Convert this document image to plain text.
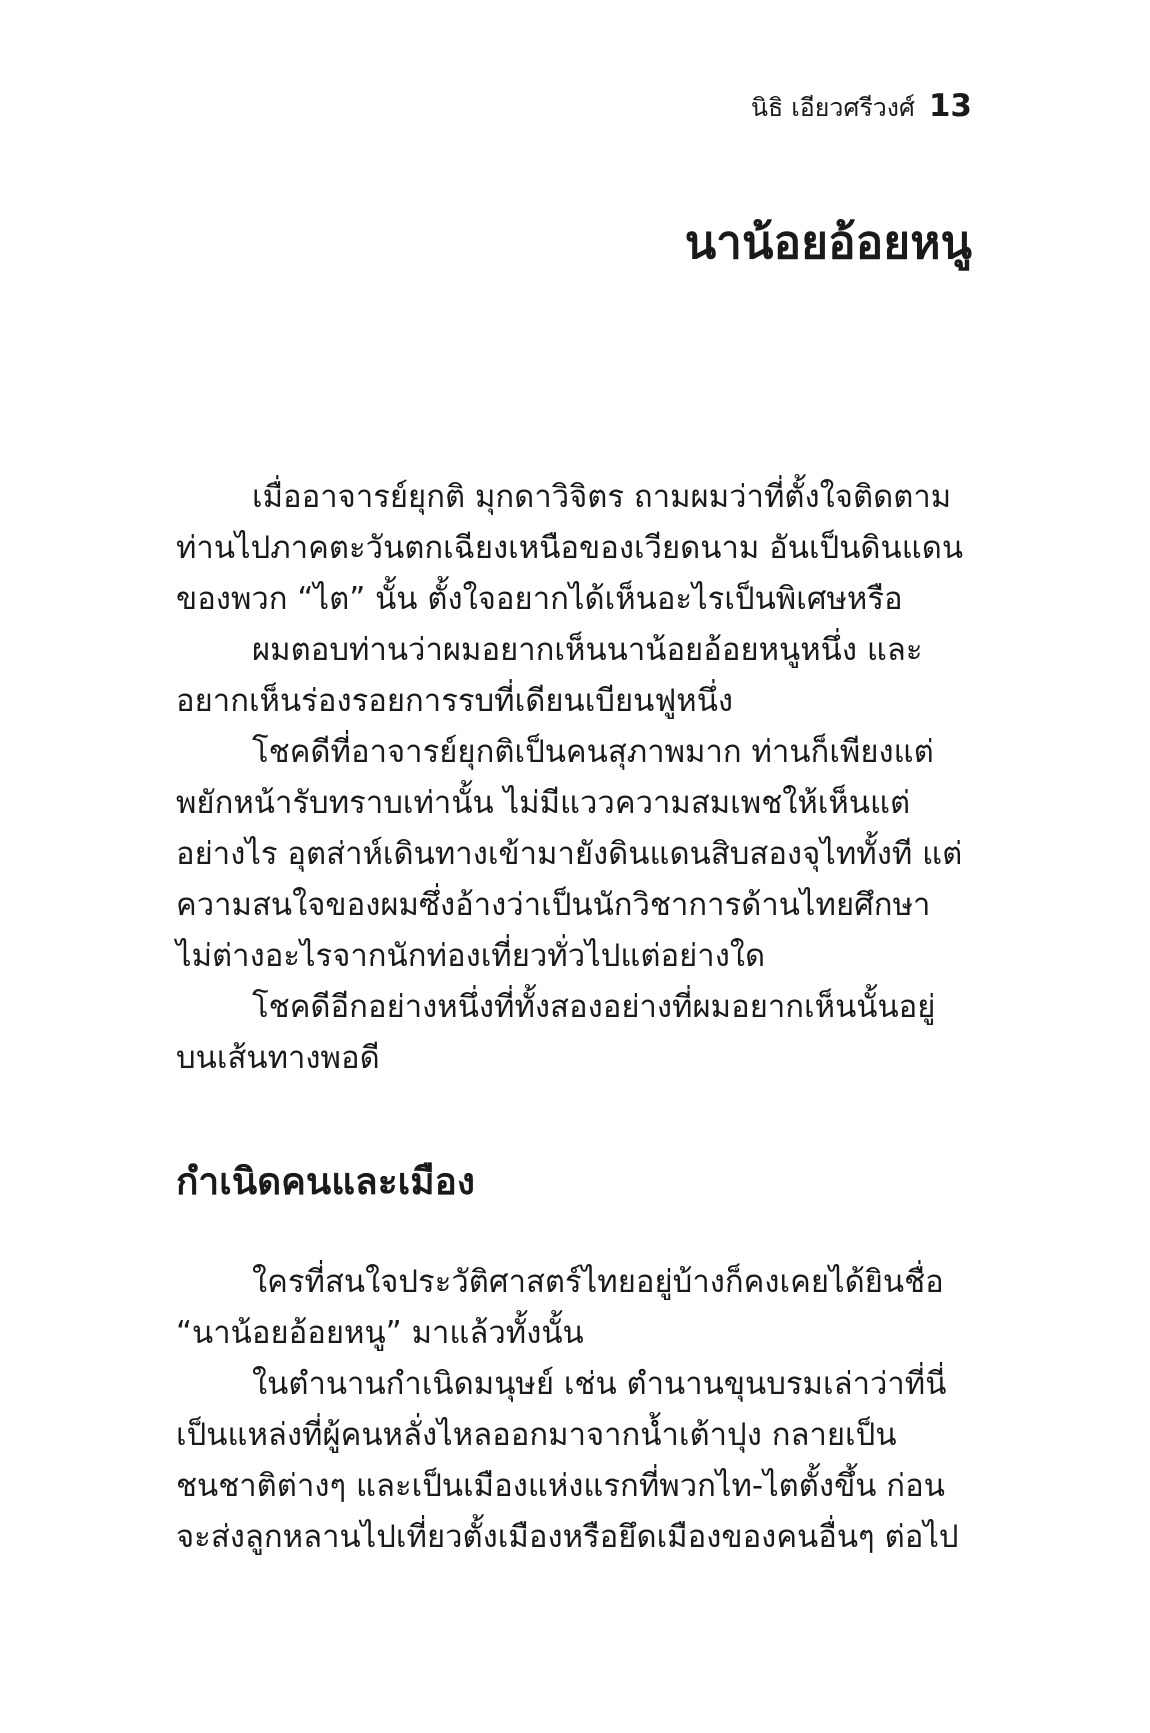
นิธิ เอียวศรีวงศ์ 13
นาน้อยอ้อยหนู

เมื่ออาจารย์ยุกติ มุกดาวิจิตร ถามผมว่าที่ตั้งใจติดตามท่านไปภาคตะวันตกเฉียงเหนือของเวียดนาม อันเป็นดินแดนของพวก “ไต” นั้น ตั้งใจอยากได้เห็นอะไรเป็นพิเศษหรือ

ผมตอบท่านว่าผมอยากเห็นนาน้อยอ้อยหนูหนึ่ง และอยากเห็นร่องรอยการรบที่เดียนเบียนฟูหนึ่ง

โชคดีที่อาจารย์ยุกติเป็นคนสุภาพมาก ท่านก็เพียงแต่พยักหน้ารับทราบเท่านั้น ไม่มีแววความสมเพชให้เห็นแต่อย่างไร อุตส่าห์เดินทางเข้ามายังดินแดนสิบสองจุไททั้งที แต่ความสนใจของผมซึ่งอ้างว่าเป็นนักวิชาการด้านไทยศึกษา ไม่ต่างอะไรจากนักท่องเที่ยวทั่วไปแต่อย่างใด

โชคดีอีกอย่างหนึ่งที่ทั้งสองอย่างที่ผมอยากเห็นนั้นอยู่บนเส้นทางพอดี

กำเนิดคนและเมือง

ใครที่สนใจประวัติศาสตร์ไทยอยู่บ้างก็คงเคยได้ยินชื่อ “นาน้อยอ้อยหนู” มาแล้วทั้งนั้น

ในตำนานกำเนิดมนุษย์ เช่น ตำนานขุนบรมเล่าว่าที่นี่เป็นแหล่งที่ผู้คนหลั่งไหลออกมาจากน้ำเต้าปุง กลายเป็นชนชาติต่างๆ และเป็นเมืองแห่งแรกที่พวกไท-ไตตั้งขึ้น ก่อนจะส่งลูกหลานไปเที่ยวตั้งเมืองหรือยึดเมืองของคนอื่นๆ ต่อไป
